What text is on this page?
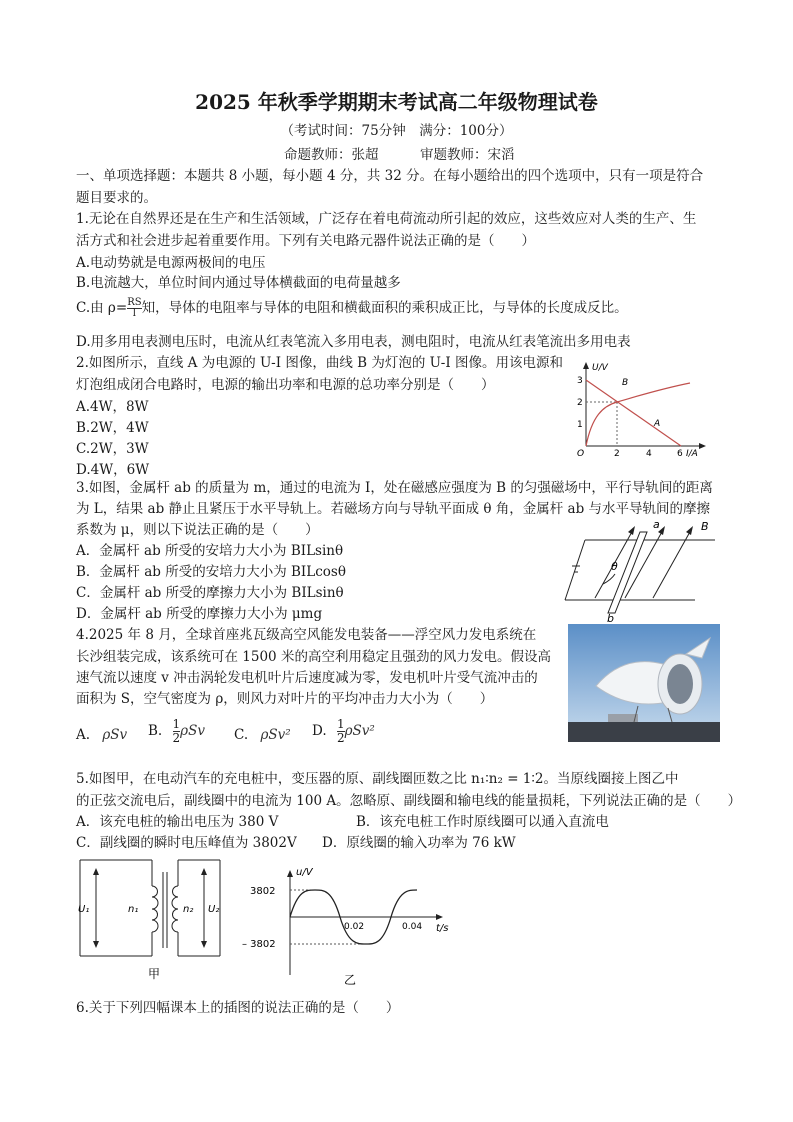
2025 年秋季学期期末考试高二年级物理试卷
（考试时间：75分钟　满分：100分）
命题教师：张超	审题教师：宋滔
一、单项选择题：本题共 8 小题，每小题 4 分，共 32 分。在每小题给出的四个选项中，只有一项是符合
题目要求的。
1.无论在自然界还是在生产和生活领域，广泛存在着电荷流动所引起的效应，这些效应对人类的生产、生
活方式和社会进步起着重要作用。下列有关电路元器件说法正确的是（　　）
A.电动势就是电源两极间的电压
B.电流越大，单位时间内通过导体横截面的电荷量越多
C.由 $\rho= \frac{RS}{l}$ 知，导体的电阻率与导体的电阻和横截面积的乘积成正比，与导体的长度成反比。
D.用多用电表测电压时，电流从红表笔流入多用电表，测电阻时，电流从红表笔流出多用电表
2.如图所示，直线 A 为电源的 U-I 图像，曲线 B 为灯泡的 U-I 图像。用该电源和
灯泡组成闭合电路时，电源的输出功率和电源的总功率分别是（　　）
A.4W，8W
B.2W，4W
C.2W，3W
D.4W，6W
U/V
I/A
O
3
2
1
2	4	6
B
A
3.如图，金属杆 ab 的质量为 m，通过的电流为 I，处在磁感应强度为 B 的匀强磁场中，平行导轨间的距离
为 L，结果 ab 静止且紧压于水平导轨上。若磁场方向与导轨平面成 θ 角，金属杆 ab 与水平导轨间的摩擦
系数为 μ，则以下说法正确的是（　　）
A．金属杆 ab 所受的安培力大小为 BILsinθ
B．金属杆 ab 所受的安培力大小为 BILcosθ
C．金属杆 ab 所受的摩擦力大小为 BILsinθ
D．金属杆 ab 所受的摩擦力大小为 μmg
θ
a
b
B
4.2025 年 8 月，全球首座兆瓦级高空风能发电装备——浮空风力发电系统在
长沙组装完成，该系统可在 1500 米的高空利用稳定且强劲的风力发电。假设高
速气流以速度 v 冲击涡轮发电机叶片后速度减为零，发电机叶片受气流冲击的
面积为 S，空气密度为 ρ，则风力对叶片的平均冲击力大小为（　　）
A. ρSv B. $\frac{1}{2}$ ρSv C. ρSv² D. $\frac{1}{2} \rho Sv^2$
5.如图甲，在电动汽车的充电桩中，变压器的原、副线圈匝数之比 n₁∶n₂ = 1∶2。当原线圈接上图乙中
的正弦交流电后，副线圈中的电流为 100 A。忽略原、副线圈和输电线的能量损耗，下列说法正确的是（　　）
A．该充电桩的输出电压为 380 V	B．该充电桩工作时原线圈可以通入直流电
C．副线圈的瞬时电压峰值为 3802V D．原线圈的输入功率为 76 kW
U₁	n₁	n₂ U₂
甲
3802
– 3802
u/V
t/s
0.02	0.04
乙
6.关于下列四幅课本上的插图的说法正确的是（　　）
